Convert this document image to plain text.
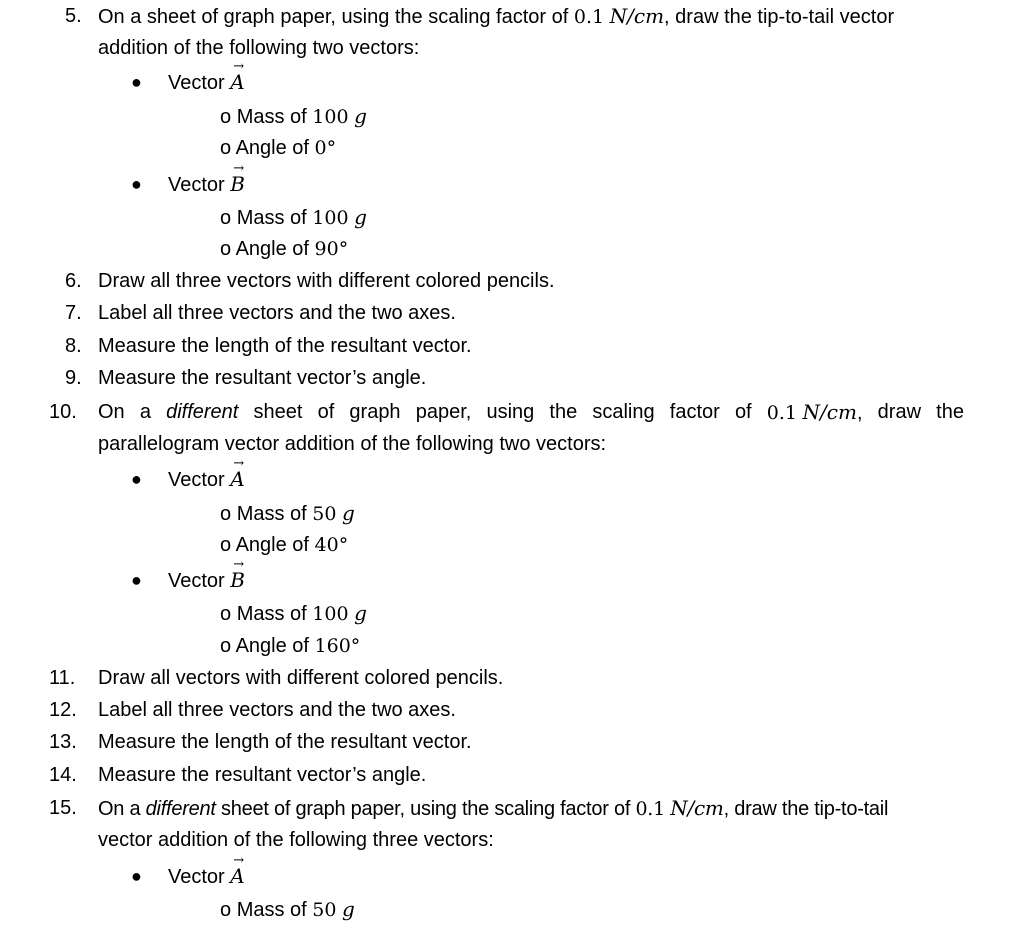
5. On a sheet of graph paper, using the scaling factor of 0.1 N/cm, draw the tip-to-tail vector
addition of the following two vectors:
● Vector A
→
o Mass of 100 g
o Angle of 0°
● Vector B
→
o Mass of 100 g
o Angle of 90°
6. Draw all three vectors with different colored pencils.
7. Label all three vectors and the two axes.
8. Measure the length of the resultant vector.
9. Measure the resultant vector’s angle.
10. On a different sheet of graph paper, using the scaling factor of 0.1 N/cm, draw the
parallelogram vector addition of the following two vectors:
● Vector A
→
o Mass of 50 g
o Angle of 40°
● Vector B
→
o Mass of 100 g
o Angle of 160°
11. Draw all vectors with different colored pencils.
12. Label all three vectors and the two axes.
13. Measure the length of the resultant vector.
14. Measure the resultant vector’s angle.
15. On a different sheet of graph paper, using the scaling factor of 0.1 N/cm, draw the tip-to-tail
vector addition of the following three vectors:
● Vector A
→
o Mass of 50 g
